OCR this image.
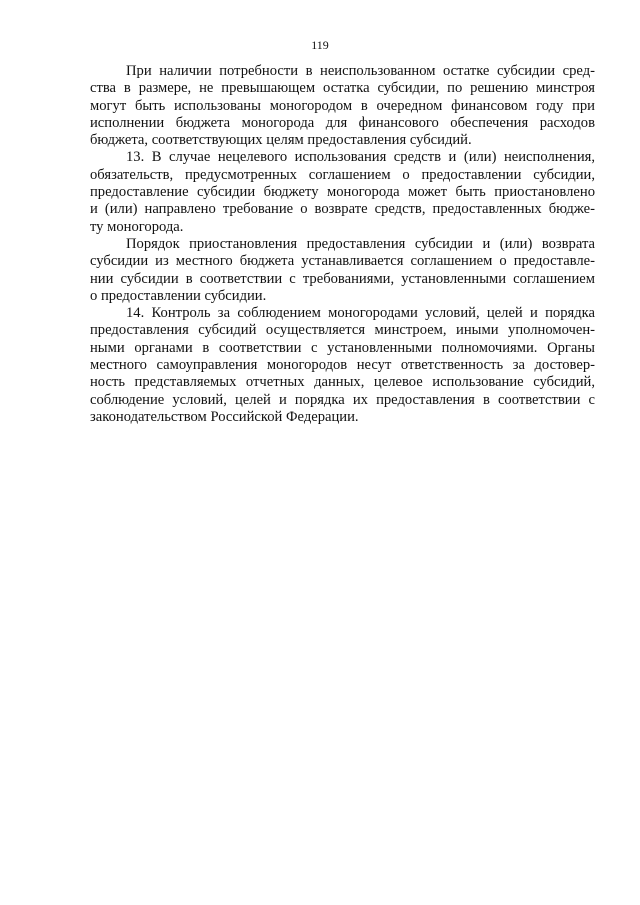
119

При наличии потребности в неиспользованном остатке субсидии сред-
ства в размере, не превышающем остатка субсидии, по решению минстроя
могут быть использованы моногородом в очередном финансовом году при
исполнении бюджета моногорода для финансового обеспечения расходов
бюджета, соответствующих целям предоставления субсидий.

13. В случае нецелевого использования средств и (или) неисполнения,
обязательств, предусмотренных соглашением о предоставлении субсидии,
предоставление субсидии бюджету моногорода может быть приостановлено
и (или) направлено требование о возврате средств, предоставленных бюдже-
ту моногорода.

Порядок приостановления предоставления субсидии и (или) возврата
субсидии из местного бюджета устанавливается соглашением о предоставле-
нии субсидии в соответствии с требованиями, установленными соглашением
о предоставлении субсидии.

14. Контроль за соблюдением моногородами условий, целей и порядка
предоставления субсидий осуществляется минстроем, иными уполномочен-
ными органами в соответствии с установленными полномочиями. Органы
местного самоуправления моногородов несут ответственность за достовер-
ность представляемых отчетных данных, целевое использование субсидий,
соблюдение условий, целей и порядка их предоставления в соответствии с
законодательством Российской Федерации.
